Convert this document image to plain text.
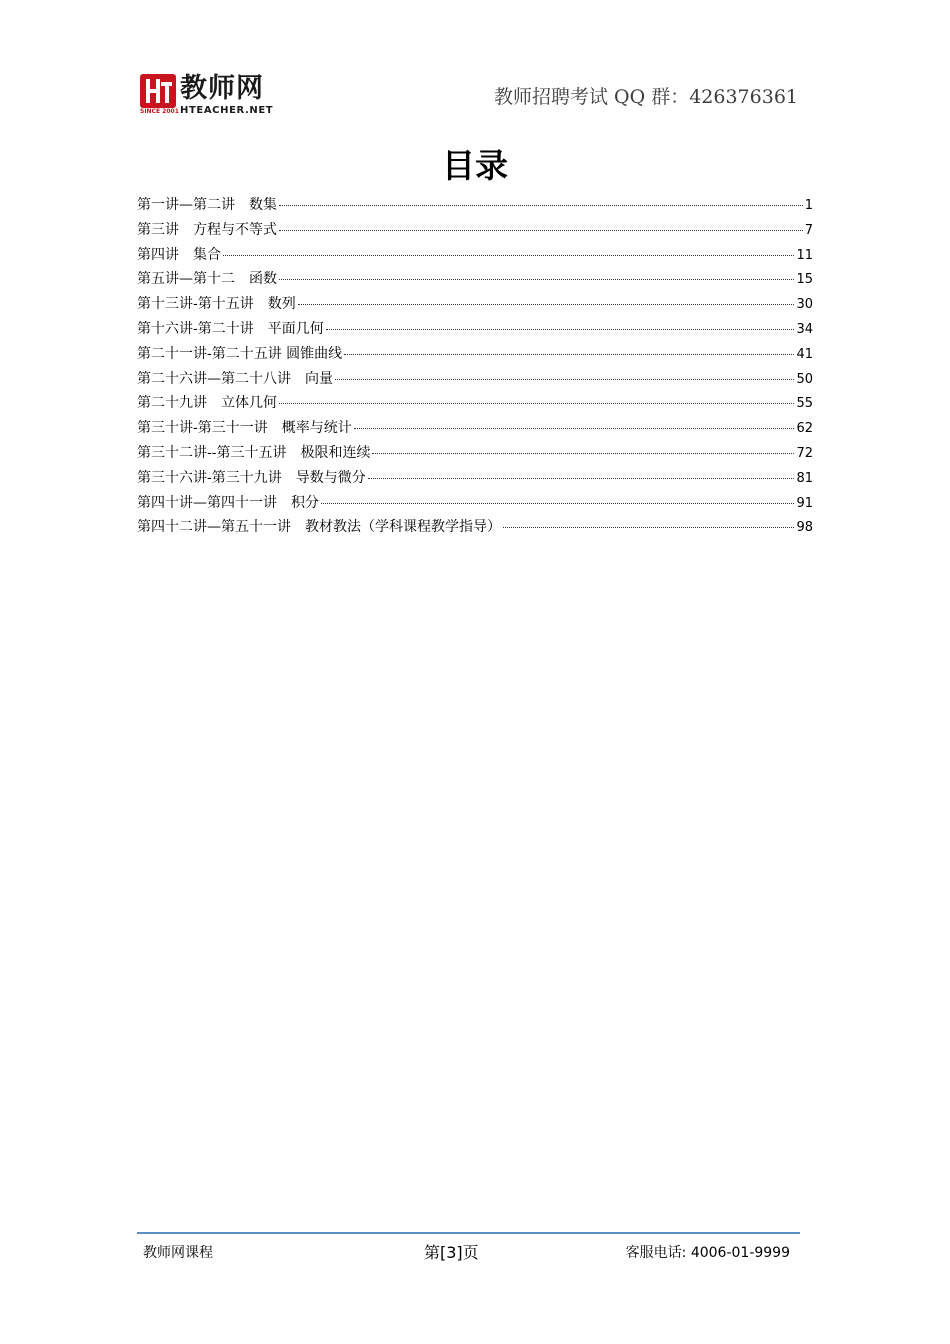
教师网
SINCE 2001 HTEACHER.NET
教师招聘考试 QQ 群：426376361
目录
第一讲—第二讲　数集	1
第三讲　方程与不等式	7
第四讲　集合	11
第五讲—第十二　函数	15
第十三讲-第十五讲　数列	30
第十六讲-第二十讲　平面几何	34
第二十一讲-第二十五讲 圆锥曲线	41
第二十六讲—第二十八讲　向量	50
第二十九讲　立体几何	55
第三十讲-第三十一讲　概率与统计	62
第三十二讲--第三十五讲　极限和连续	72
第三十六讲-第三十九讲　导数与微分	81
第四十讲—第四十一讲　积分	91
第四十二讲—第五十一讲　教材教法（学科课程教学指导）	98
教师网课程	第[3]页	客服电话: 4006-01-9999
